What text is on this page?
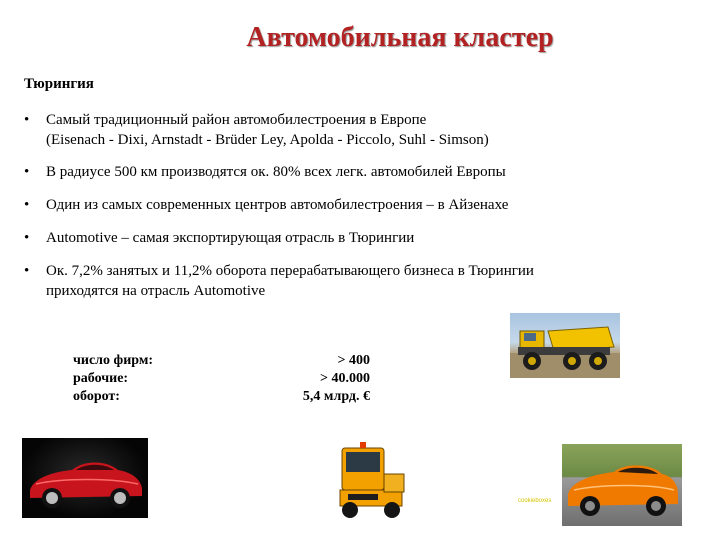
Автомобильная кластер
Тюрингия
• Самый традиционный район автомобилестроения в Европе
(Eisenach - Dixi, Arnstadt - Brüder Ley, Apolda - Piccolo, Suhl - Simson)
• В радиусе 500 км производятся ок. 80% всех легк. автомобилей Европы
• Один из самых современных центров автомобилестроения – в Айзенахе
• Automotive – самая экспортирующая отрасль в Тюрингии
• Ок. 7,2% занятых и 11,2% оборота перерабатывающего бизнеса в Тюрингии
приходятся на отрасль Automotive
число фирм:
рабочие:
оборот:
> 400
> 40.000
5,4 млрд. €
cookieboxes
